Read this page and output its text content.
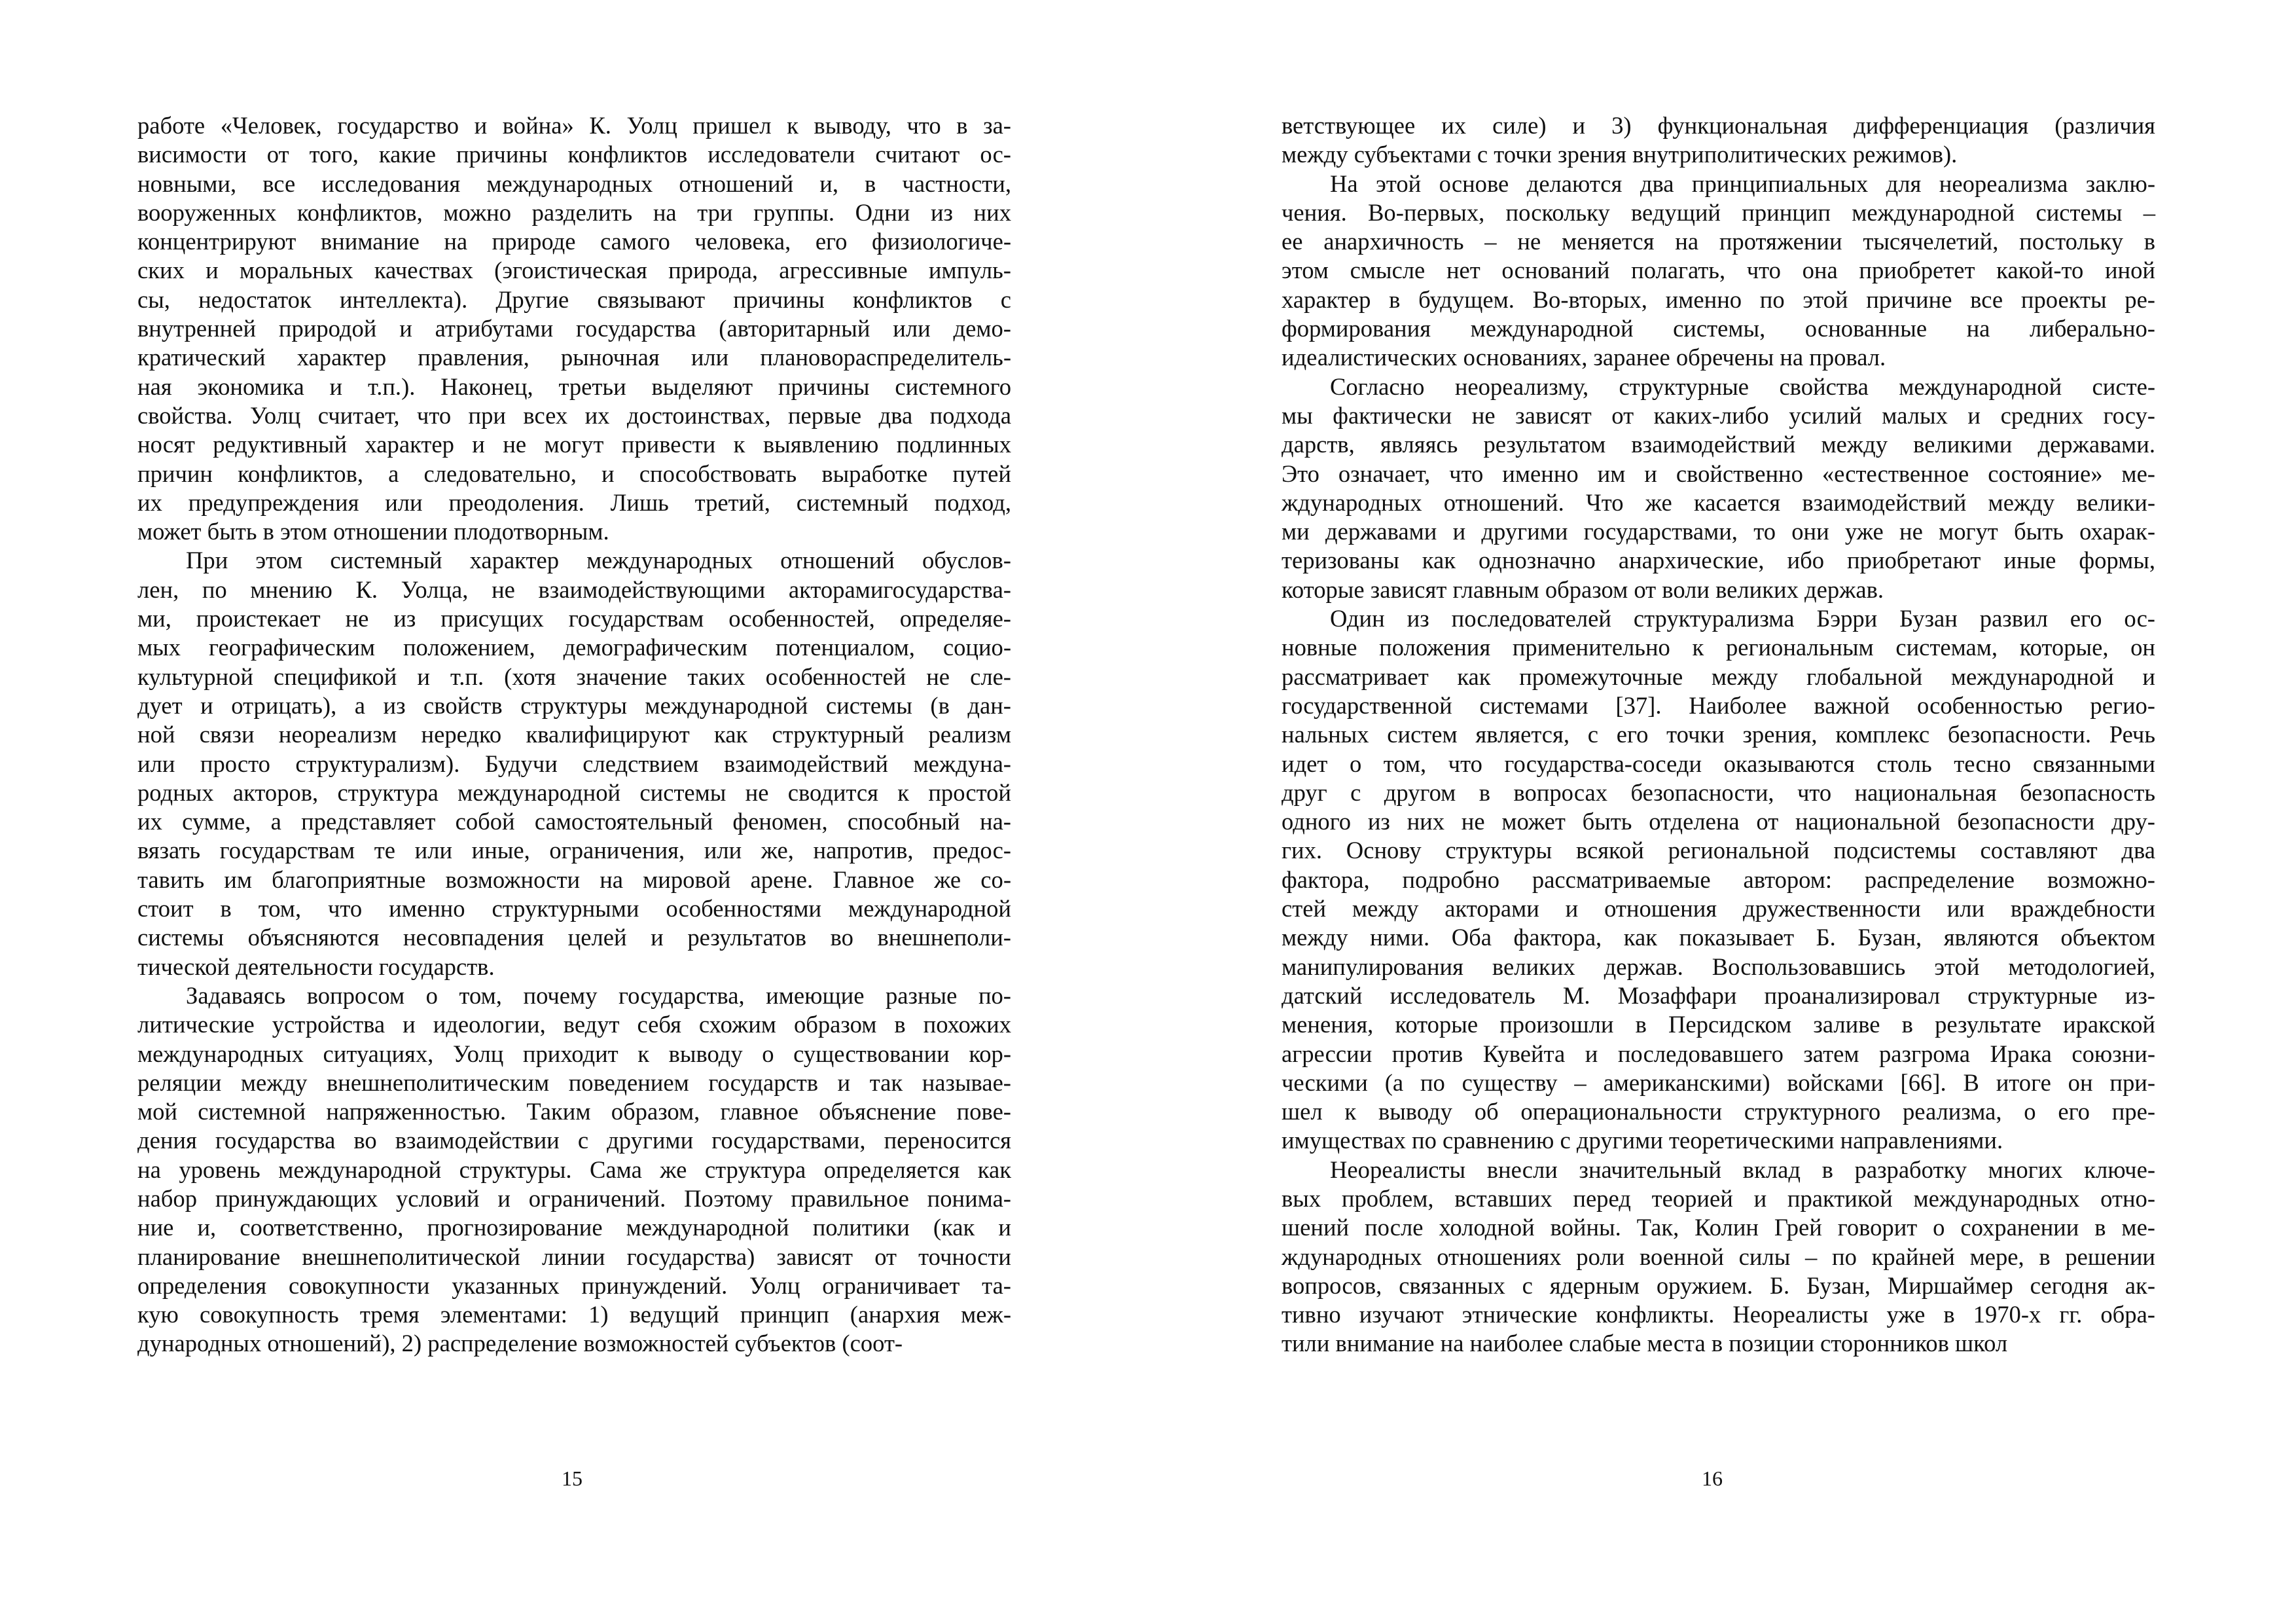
работе «Человек, государство и война» К. Уолц пришел к выводу, что в за-
висимости от того, какие причины конфликтов исследователи считают ос-
новными, все исследования международных отношений и, в частности,
вооруженных конфликтов, можно разделить на три группы. Одни из них
концентрируют внимание на природе самого человека, его физиологиче-
ских и моральных качествах (эгоистическая природа, агрессивные импуль-
сы, недостаток интеллекта). Другие связывают причины конфликтов с
внутренней природой и атрибутами государства (авторитарный или демо-
кратический характер правления, рыночная или плановораспределитель-
ная экономика и т.п.). Наконец, третьи выделяют причины системного
свойства. Уолц считает, что при всех их достоинствах, первые два подхода
носят редуктивный характер и не могут привести к выявлению подлинных
причин конфликтов, а следовательно, и способствовать выработке путей
их предупреждения или преодоления. Лишь третий, системный подход,
может быть в этом отношении плодотворным.

При этом системный характер международных отношений обуслов-
лен, по мнению К. Уолца, не взаимодействующими акторамигосударства-
ми, проистекает не из присущих государствам особенностей, определяе-
мых географическим положением, демографическим потенциалом, социо-
культурной спецификой и т.п. (хотя значение таких особенностей не сле-
дует и отрицать), а из свойств структуры международной системы (в дан-
ной связи неореализм нередко квалифицируют как структурный реализм
или просто структурализм). Будучи следствием взаимодействий междуна-
родных акторов, структура международной системы не сводится к простой
их сумме, а представляет собой самостоятельный феномен, способный на-
вязать государствам те или иные, ограничения, или же, напротив, предос-
тавить им благоприятные возможности на мировой арене. Главное же со-
стоит в том, что именно структурными особенностями международной
системы объясняются несовпадения целей и результатов во внешнеполи-
тической деятельности государств.

Задаваясь вопросом о том, почему государства, имеющие разные по-
литические устройства и идеологии, ведут себя схожим образом в похожих
международных ситуациях, Уолц приходит к выводу о существовании кор-
реляции между внешнеполитическим поведением государств и так называе-
мой системной напряженностью. Таким образом, главное объяснение пове-
дения государства во взаимодействии с другими государствами, переносится
на уровень международной структуры. Сама же структура определяется как
набор принуждающих условий и ограничений. Поэтому правильное понима-
ние и, соответственно, прогнозирование международной политики (как и
планирование внешнеполитической линии государства) зависят от точности
определения совокупности указанных принуждений. Уолц ограничивает та-
кую совокупность тремя элементами: 1) ведущий принцип (анархия меж-
дународных отношений), 2) распределение возможностей субъектов (соот-

15

ветствующее их силе) и 3) функциональная дифференциация (различия
между субъектами с точки зрения внутриполитических режимов).

На этой основе делаются два принципиальных для неореализма заклю-
чения. Во-первых, поскольку ведущий принцип международной системы –
ее анархичность – не меняется на протяжении тысячелетий, постольку в
этом смысле нет оснований полагать, что она приобретет какой-то иной
характер в будущем. Во-вторых, именно по этой причине все проекты ре-
формирования международной системы, основанные на либерально-
идеалистических основаниях, заранее обречены на провал.

Согласно неореализму, структурные свойства международной систе-
мы фактически не зависят от каких-либо усилий малых и средних госу-
дарств, являясь результатом взаимодействий между великими державами.
Это означает, что именно им и свойственно «естественное состояние» ме-
ждународных отношений. Что же касается взаимодействий между велики-
ми державами и другими государствами, то они уже не могут быть охарак-
теризованы как однозначно анархические, ибо приобретают иные формы,
которые зависят главным образом от воли великих держав.

Один из последователей структурализма Бэрри Бузан развил его ос-
новные положения применительно к региональным системам, которые, он
рассматривает как промежуточные между глобальной международной и
государственной системами [37]. Наиболее важной особенностью регио-
нальных систем является, с его точки зрения, комплекс безопасности. Речь
идет о том, что государства-соседи оказываются столь тесно связанными
друг с другом в вопросах безопасности, что национальная безопасность
одного из них не может быть отделена от национальной безопасности дру-
гих. Основу структуры всякой региональной подсистемы составляют два
фактора, подробно рассматриваемые автором: распределение возможно-
стей между акторами и отношения дружественности или враждебности
между ними. Оба фактора, как показывает Б. Бузан, являются объектом
манипулирования великих держав. Воспользовавшись этой методологией,
датский исследователь М. Мозаффари проанализировал структурные из-
менения, которые произошли в Персидском заливе в результате иракской
агрессии против Кувейта и последовавшего затем разгрома Ирака союзни-
ческими (а по существу – американскими) войсками [66]. В итоге он при-
шел к выводу об операциональности структурного реализма, о его пре-
имуществах по сравнению с другими теоретическими направлениями.

Неореалисты внесли значительный вклад в разработку многих ключе-
вых проблем, вставших перед теорией и практикой международных отно-
шений после холодной войны. Так, Колин Грей говорит о сохранении в ме-
ждународных отношениях роли военной силы – по крайней мере, в решении
вопросов, связанных с ядерным оружием. Б. Бузан, Миршаймер сегодня ак-
тивно изучают этнические конфликты. Неореалисты уже в 1970-х гг. обра-
тили внимание на наиболее слабые места в позиции сторонников школ

16
